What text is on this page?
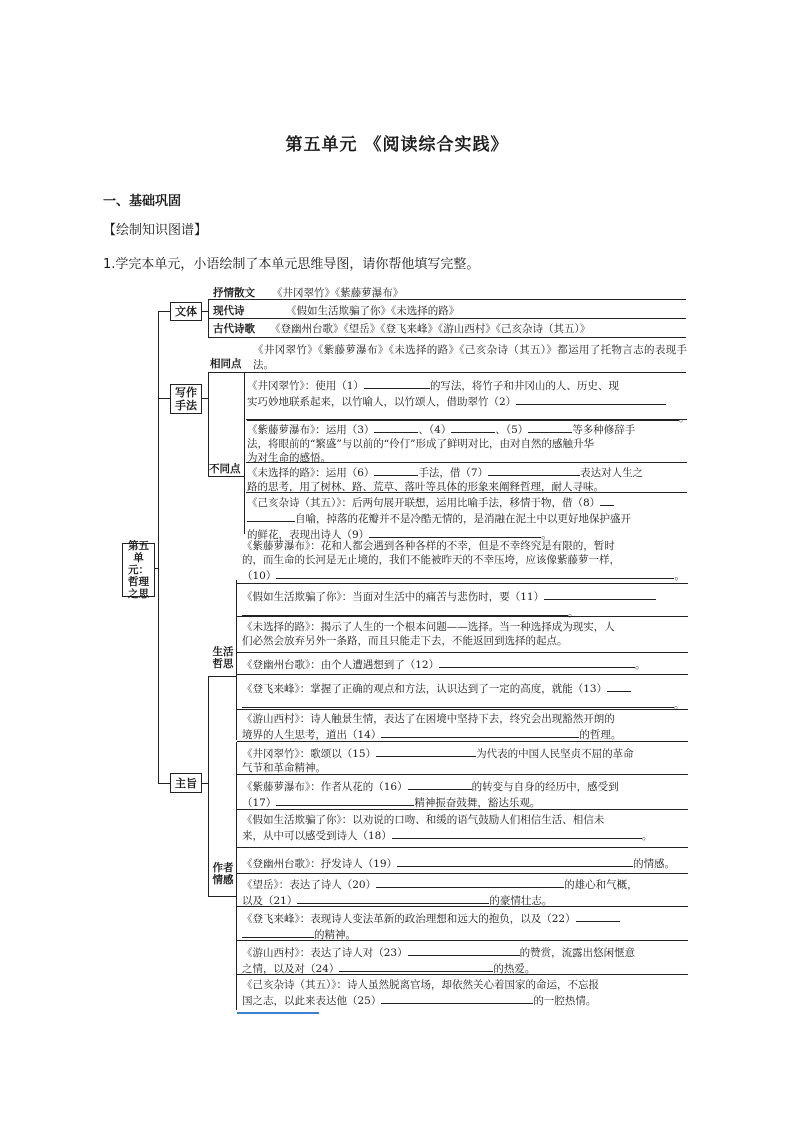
第五单元 《阅读综合实践》
一、基础巩固
【绘制知识图谱】
1.学完本单元，小语绘制了本单元思维导图，请你帮他填写完整。
第五单元：哲理之思
文体
写作手法
主旨
抒情散文 《井冈翠竹》《紫藤萝瀑布》
现代诗	《假如生活欺骗了你》《未选择的路》
古代诗歌 《登幽州台歌》《望岳》《登飞来峰》《游山西村》《己亥杂诗（其五）》
相同点
《井冈翠竹》《紫藤萝瀑布》《未选择的路》《己亥杂诗（其五）》都运用了托物言志的表现手法。
不同点
《井冈翠竹》：使用（1）	的写法，将竹子和井冈山的人、历史、现
实巧妙地联系起来，以竹喻人，以竹颂人，借助翠竹（2）
。
《紫藤萝瀑布》：运用（3）	、（4）	、（5）	等多种修辞手
法，将眼前的“繁盛”与以前的“伶仃”形成了鲜明对比，由对自然的感触升华
为对生命的感悟。
《未选择的路》：运用（6）	手法，借（7）	表达对人生之
路的思考，用了树林、路、荒草、落叶等具体的形象来阐释哲理，耐人寻味。
《己亥杂诗（其五）》：后两句展开联想，运用比喻手法，移情于物，借（8）
自喻，掉落的花瓣并不是冷酷无情的，是消融在泥土中以更好地保护盛开
的鲜花，表现出诗人（9）	。
《紫藤萝瀑布》：花和人都会遇到各种各样的不幸，但是不幸终究是有限的，暂时
的，而生命的长河是无止境的，我们不能被昨天的不幸压垮，应该像紫藤萝一样，
（10）	。
《假如生活欺骗了你》：当面对生活中的痛苦与悲伤时，要（11）
。
《未选择的路》：揭示了人生的一个根本问题——选择。当一种选择成为现实，人
们必然会放弃另外一条路，而且只能走下去，不能返回到选择的起点。
生活哲思 《登幽州台歌》：由个人遭遇想到了（12）	。
《登飞来峰》：掌握了正确的观点和方法，认识达到了一定的高度，就能（13）
。
《游山西村》：诗人触景生情，表达了在困境中坚持下去，终究会出现豁然开朗的
境界的人生思考，道出（14）	的哲理。
《井冈翠竹》：歌颂以（15）	为代表的中国人民坚贞不屈的革命
气节和革命精神。
《紫藤萝瀑布》：作者从花的（16）	的转变与自身的经历中，感受到
（17）	精神振奋鼓舞，豁达乐观。
《假如生活欺骗了你》：以劝说的口吻、和缓的语气鼓励人们相信生活、相信未
来，从中可以感受到诗人（18）	。
作者情感
《登幽州台歌》：抒发诗人（19）	的情感。
《望岳》：表达了诗人（20）	的雄心和气概，
以及（21）	的豪情壮志。
《登飞来峰》：表现诗人变法革新的政治理想和远大的抱负，以及（22）
的精神。
《游山西村》：表达了诗人对（23）	的赞赏，流露出悠闲惬意
之情，以及对（24）	的热爱。
《己亥杂诗（其五）》：诗人虽然脱离官场，却依然关心着国家的命运，不忘报
国之志，以此来表达他（25）	的一腔热情。
